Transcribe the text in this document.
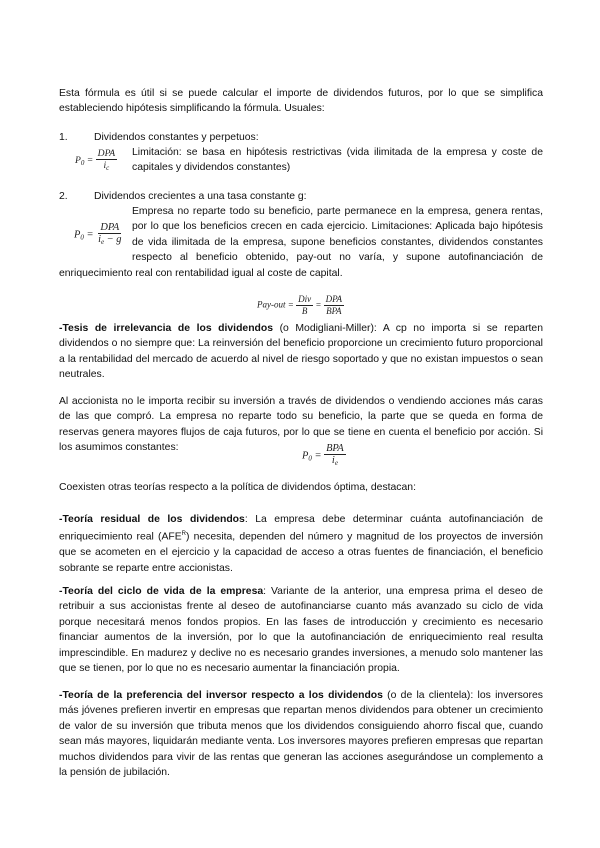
Esta fórmula es útil si se puede calcular el importe de dividendos futuros, por lo que se simplifica estableciendo hipótesis simplificando la fórmula. Usuales:

1.	Dividendos constantes y perpetuos:
$P_0 = \frac{\text{DPA}}{i_c}$ Limitación: se basa en hipótesis restrictivas (vida ilimitada de la empresa y coste de capitales y dividendos constantes)

2.	Dividendos crecientes a una tasa constante g:
$P_0 = \frac{\text{DPA}}{i_e - g}$

Empresa no reparte todo su beneficio, parte permanece en la empresa, genera rentas, por lo que los beneficios crecen en cada ejercicio. Limitaciones: Aplicada bajo hipótesis de vida ilimitada de la empresa, supone beneficios constantes, dividendos constantes respecto al beneficio obtenido, pay-out no varía, y supone autofinanciación de enriquecimiento real con rentabilidad igual al coste de capital.

$Pay-out = \frac{\text{Div}}{B} = \frac{\text{DPA}}{\text{BPA}}$

-Tesis de irrelevancia de los dividendos (o Modigliani-Miller): A cp no importa si se reparten dividendos o no siempre que: La reinversión del beneficio proporcione un crecimiento futuro proporcional a la rentabilidad del mercado de acuerdo al nivel de riesgo soportado y que no existan impuestos o sean neutrales.

Al accionista no le importa recibir su inversión a través de dividendos o vendiendo acciones más caras de las que compró. La empresa no reparte todo su beneficio, la parte que se queda en forma de reservas genera mayores flujos de caja futuros, por lo que se tiene en cuenta el beneficio por acción. Si los asumimos constantes:

$P_0 = \frac{\text{BPA}}{i_e}$

Coexisten otras teorías respecto a la política de dividendos óptima, destacan:

-Teoría residual de los dividendos: La empresa debe determinar cuánta autofinanciación de enriquecimiento real $(AFE^R)$ necesita, dependen del número y magnitud de los proyectos de inversión que se acometen en el ejercicio y la capacidad de acceso a otras fuentes de financiación, el beneficio sobrante se reparte entre accionistas.

-Teoría del ciclo de vida de la empresa: Variante de la anterior, una empresa prima el deseo de retribuir a sus accionistas frente al deseo de autofinanciarse cuanto más avanzado su ciclo de vida porque necesitará menos fondos propios. En las fases de introducción y crecimiento es necesario financiar aumentos de la inversión, por lo que la autofinanciación de enriquecimiento real resulta imprescindible. En madurez y declive no es necesario grandes inversiones, a menudo solo mantener las que se tienen, por lo que no es necesario aumentar la financiación propia.

-Teoría de la preferencia del inversor respecto a los dividendos (o de la clientela): los inversores más jóvenes prefieren invertir en empresas que repartan menos dividendos para obtener un crecimiento de valor de su inversión que tributa menos que los dividendos consiguiendo ahorro fiscal que, cuando sean más mayores, liquidarán mediante venta. Los inversores mayores prefieren empresas que repartan muchos dividendos para vivir de las rentas que generan las acciones asegurándose un complemento a la pensión de jubilación.
